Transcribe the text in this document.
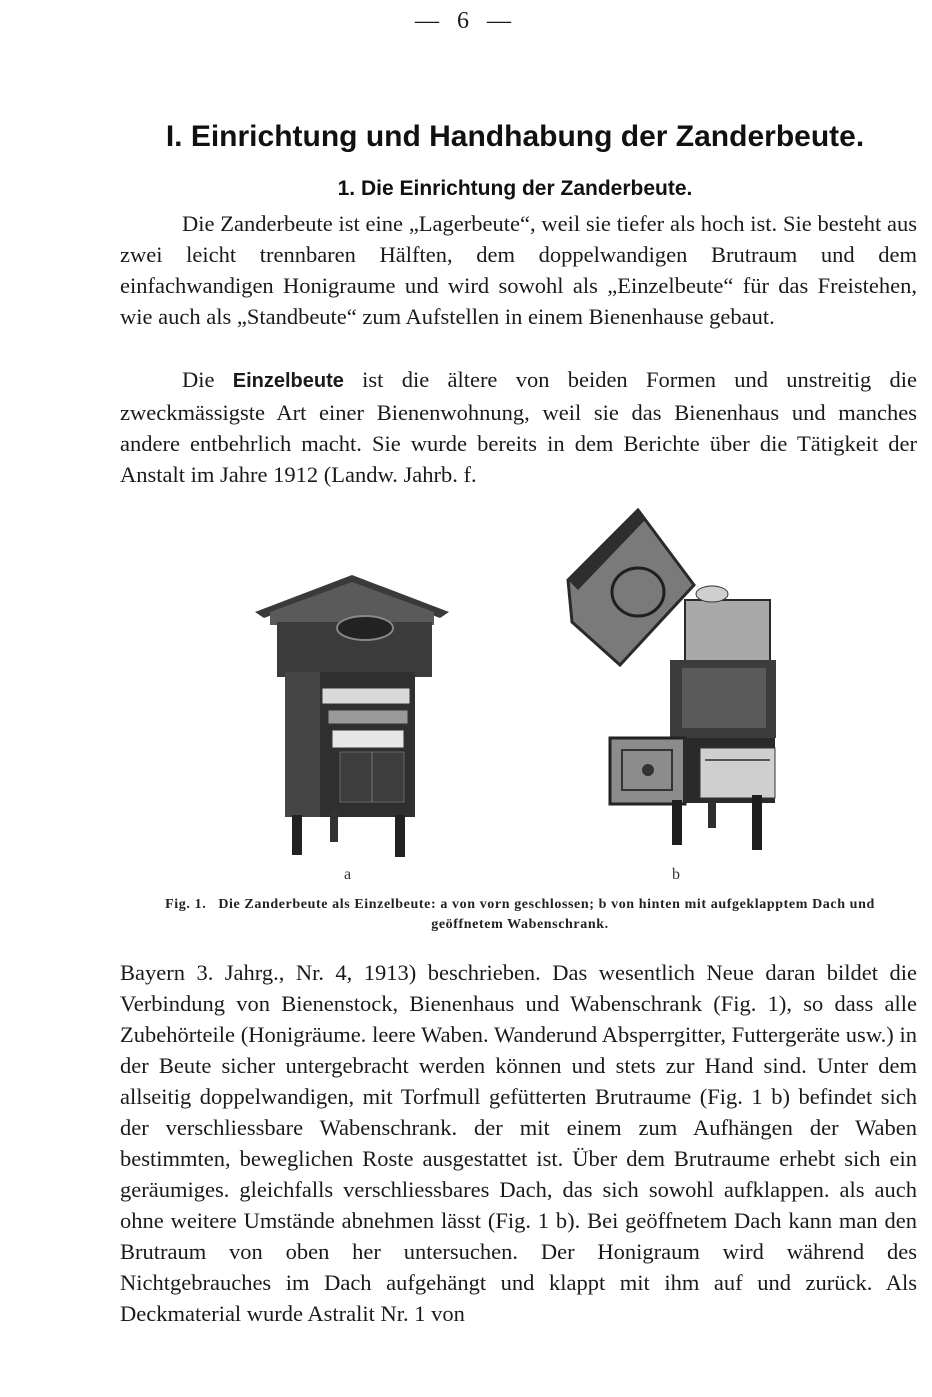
— 6 —
I. Einrichtung und Handhabung der Zanderbeute.
1. Die Einrichtung der Zanderbeute.

Die Zanderbeute ist eine „Lagerbeute“, weil sie tiefer als hoch ist. Sie besteht aus zwei leicht trennbaren Hälften, dem doppelwandigen Brutraum und dem einfachwandigen Honigraume und wird sowohl als „Einzelbeute“ für das Freistehen, wie auch als „Standbeute“ zum Aufstellen in einem Bienenhause gebaut.

Die Einzelbeute ist die ältere von beiden Formen und unstreitig die zweckmässigste Art einer Bienenwohnung, weil sie das Bienenhaus und manches andere entbehrlich macht. Sie wurde bereits in dem Berichte über die Tätigkeit der Anstalt im Jahre 1912 (Landw. Jahrb. f.

a	b
Fig. 1. Die Zanderbeute als Einzelbeute: a von vorn geschlossen; b von hinten mit aufgeklapptem Dach und geöffnetem Wabenschrank.

Bayern 3. Jahrg., Nr. 4, 1913) beschrieben. Das wesentlich Neue daran bildet die Verbindung von Bienenstock, Bienenhaus und Wabenschrank (Fig. 1), so dass alle Zubehörteile (Honigräume. leere Waben. Wanderund Absperrgitter, Futtergeräte usw.) in der Beute sicher untergebracht werden können und stets zur Hand sind. Unter dem allseitig doppelwandigen, mit Torfmull gefütterten Brutraume (Fig. 1 b) befindet sich der verschliessbare Wabenschrank. der mit einem zum Aufhängen der Waben bestimmten, beweglichen Roste ausgestattet ist. Über dem Brutraume erhebt sich ein geräumiges. gleichfalls verschliessbares Dach, das sich sowohl aufklappen. als auch ohne weitere Umstände abnehmen lässt (Fig. 1 b). Bei geöffnetem Dach kann man den Brutraum von oben her untersuchen. Der Honigraum wird während des Nichtgebrauches im Dach aufgehängt und klappt mit ihm auf und zurück. Als Deckmaterial wurde Astralit Nr. 1 von
